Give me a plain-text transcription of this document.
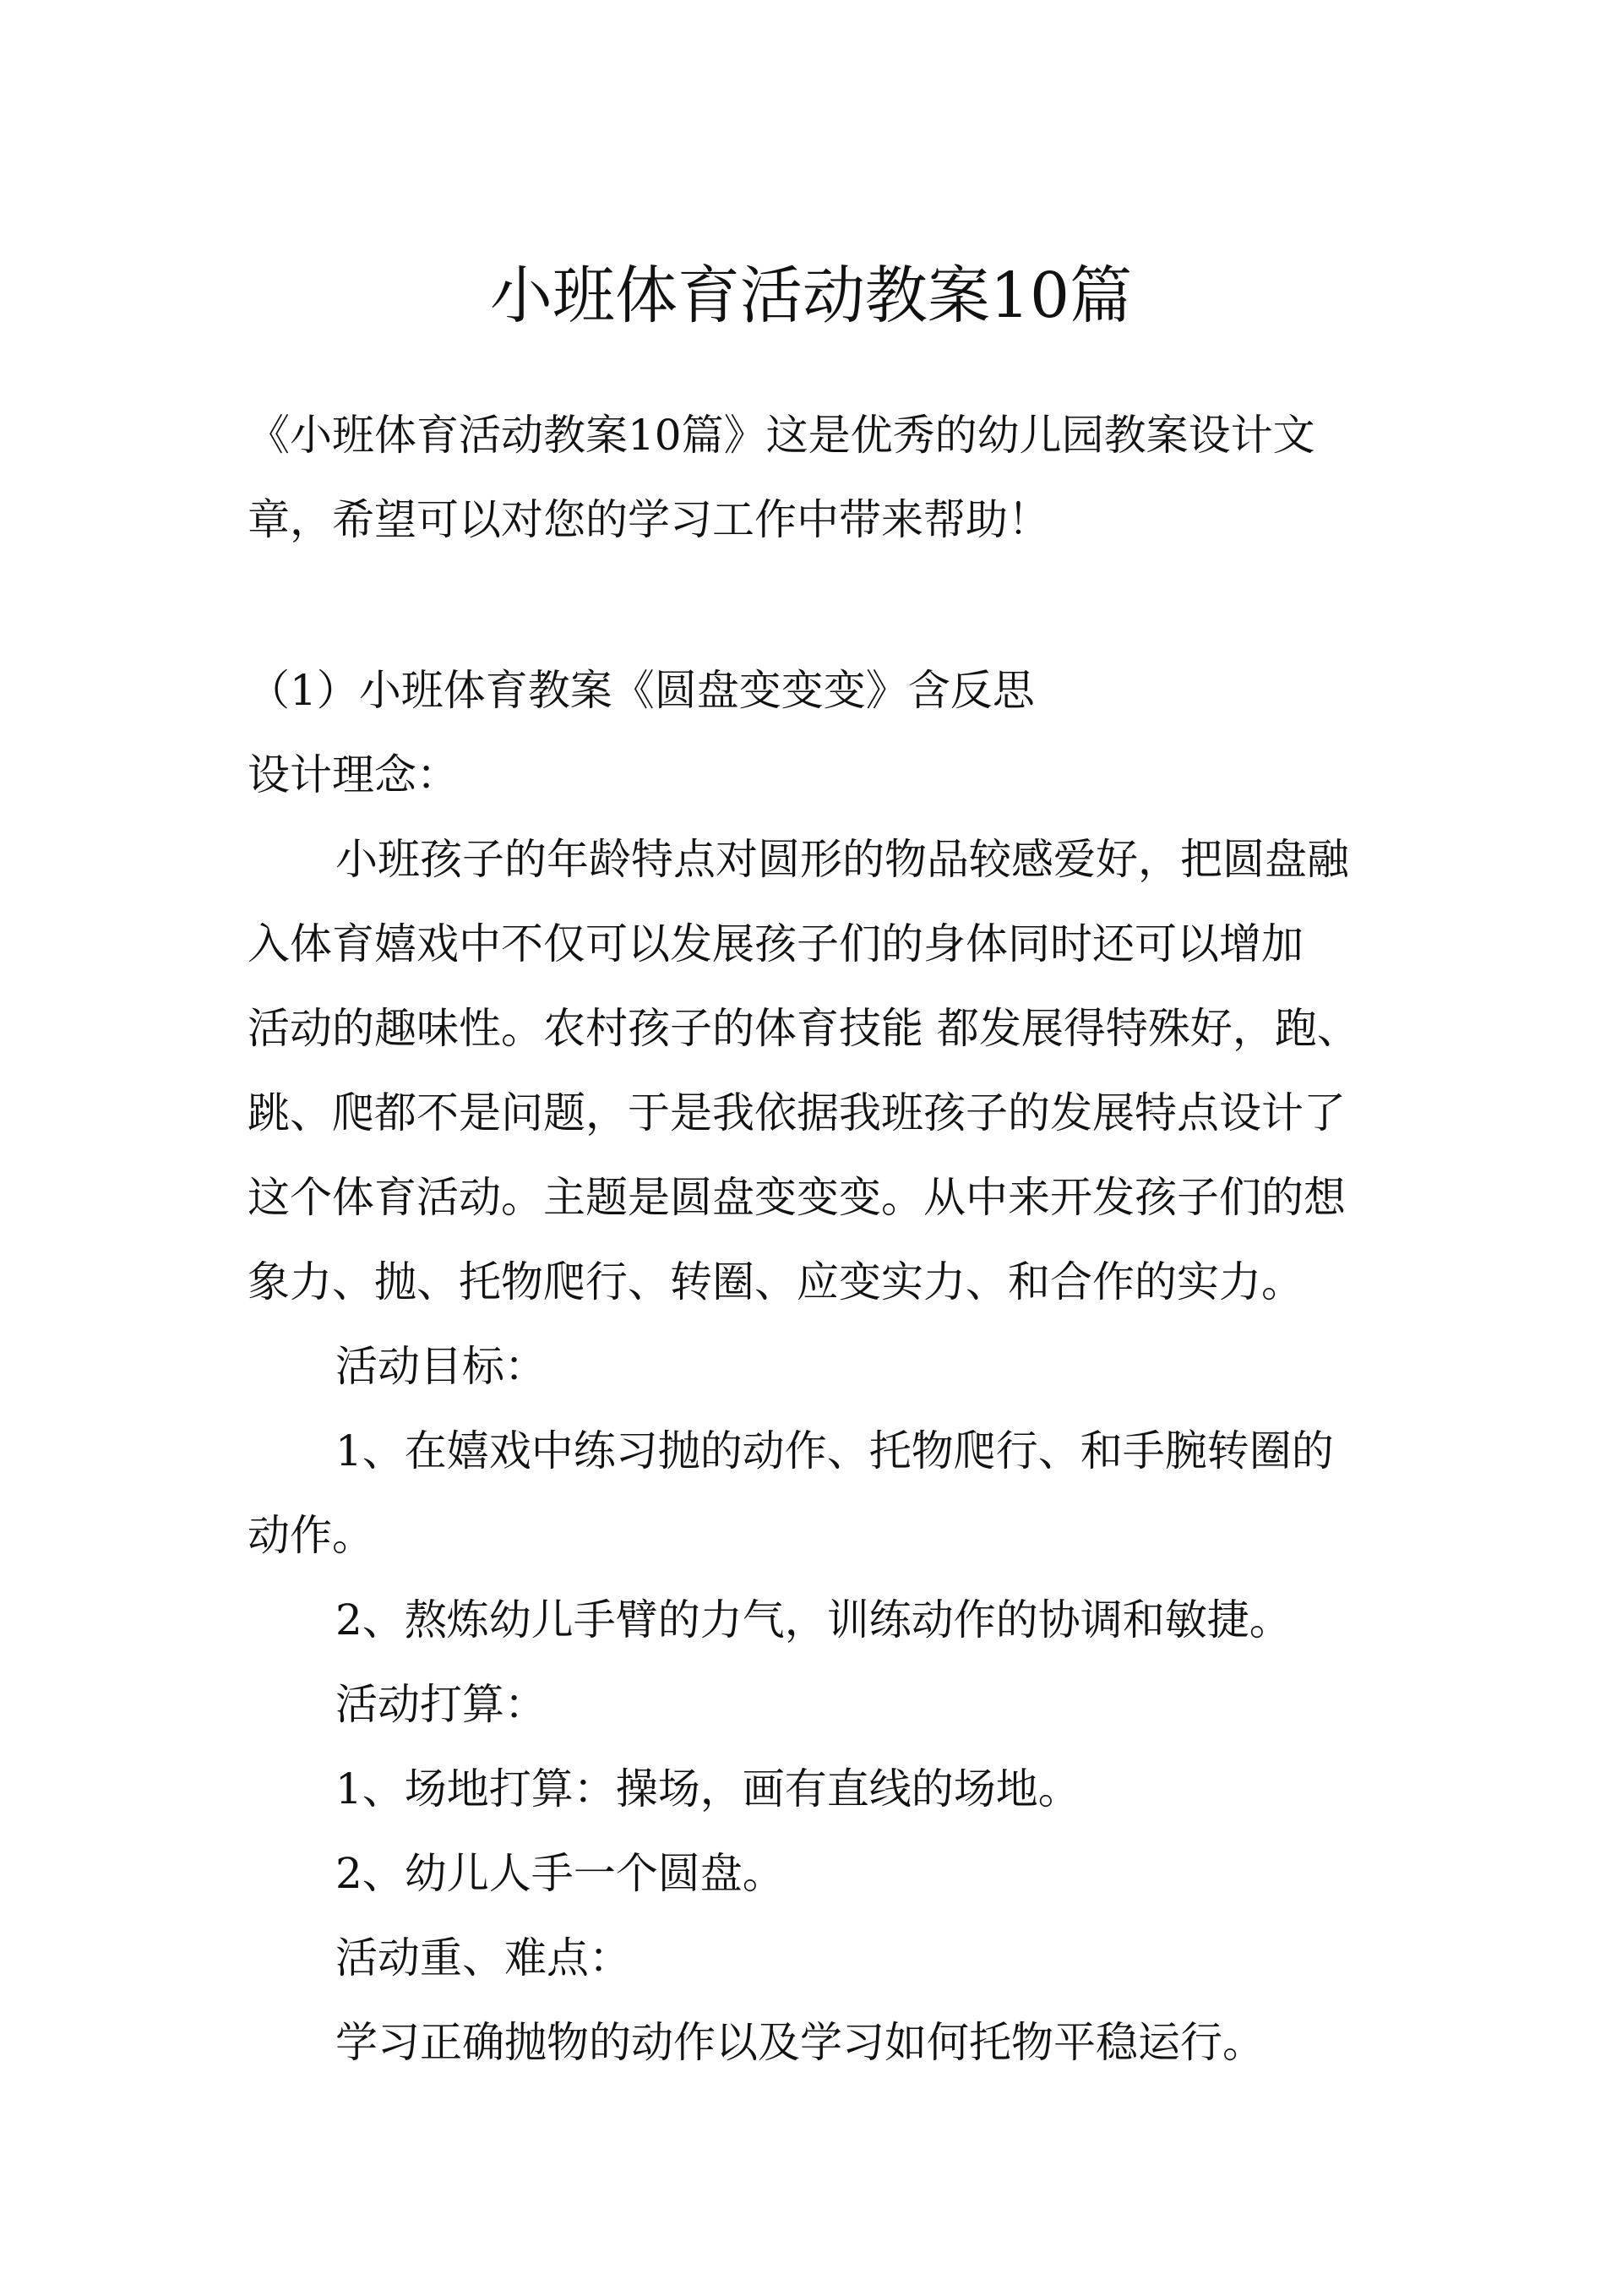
小班体育活动教案10篇

《小班体育活动教案10篇》这是优秀的幼儿园教案设计文

章，希望可以对您的学习工作中带来帮助！

（1）小班体育教案《圆盘变变变》含反思

设计理念：

小班孩子的年龄特点对圆形的物品较感爱好，把圆盘融

入体育嬉戏中不仅可以发展孩子们的身体同时还可以增加

活动的趣味性。农村孩子的体育技能 都发展得特殊好，跑、

跳、爬都不是问题，于是我依据我班孩子的发展特点设计了

这个体育活动。主题是圆盘变变变。从中来开发孩子们的想

象力、抛、托物爬行、转圈、应变实力、和合作的实力。

活动目标：

1、在嬉戏中练习抛的动作、托物爬行、和手腕转圈的

动作。

2、熬炼幼儿手臂的力气，训练动作的协调和敏捷。

活动打算：

1、场地打算：操场，画有直线的场地。

2、幼儿人手一个圆盘。

活动重、难点：

学习正确抛物的动作以及学习如何托物平稳运行。
